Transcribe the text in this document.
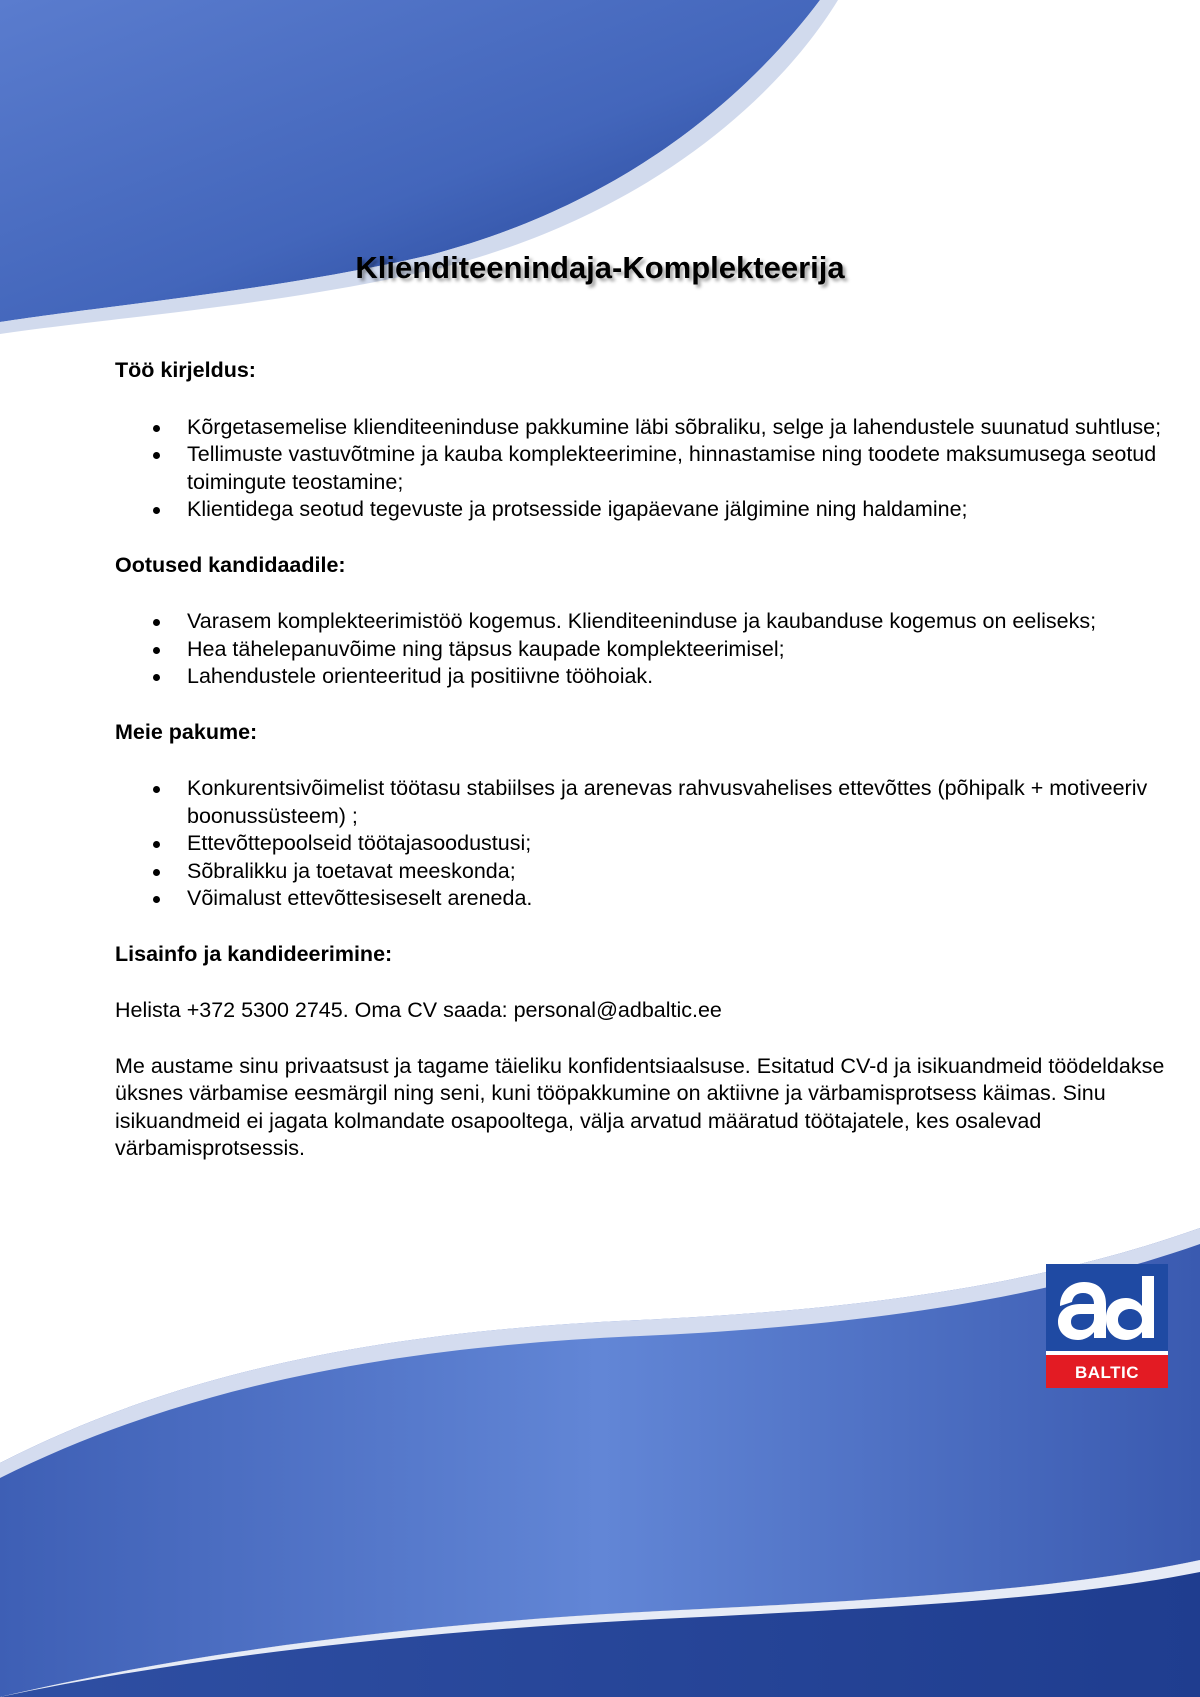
Klienditeenindaja-Komplekteerija

Töö kirjeldus:

Kõrgetasemelise klienditeeninduse pakkumine läbi sõbraliku, selge ja lahendustele suunatud suhtluse;
Tellimuste vastuvõtmine ja kauba komplekteerimine, hinnastamise ning toodete maksumusega seotud toimingute teostamine;
Klientidega seotud tegevuste ja protsesside igapäevane jälgimine ning haldamine;

Ootused kandidaadile:

Varasem komplekteerimistöö kogemus. Klienditeeninduse ja kaubanduse kogemus on eeliseks;
Hea tähelepanuvõime ning täpsus kaupade komplekteerimisel;
Lahendustele orienteeritud ja positiivne tööhoiak.

Meie pakume:

Konkurentsivõimelist töötasu stabiilses ja arenevas rahvusvahelises ettevõttes (põhipalk + motiveeriv boonussüsteem) ;
Ettevõttepoolseid töötajasoodustusi;
Sõbralikku ja toetavat meeskonda;
Võimalust ettevõttesiseselt areneda.

Lisainfo ja kandideerimine:

Helista +372 5300 2745. Oma CV saada: personal@adbaltic.ee

Me austame sinu privaatsust ja tagame täieliku konfidentsiaalsuse. Esitatud CV-d ja isikuandmeid töödeldakse üksnes värbamise eesmärgil ning seni, kuni tööpakkumine on aktiivne ja värbamisprotsess käimas. Sinu isikuandmeid ei jagata kolmandate osapooltega, välja arvatud määratud töötajatele, kes osalevad värbamisprotsessis.

BALTIC
